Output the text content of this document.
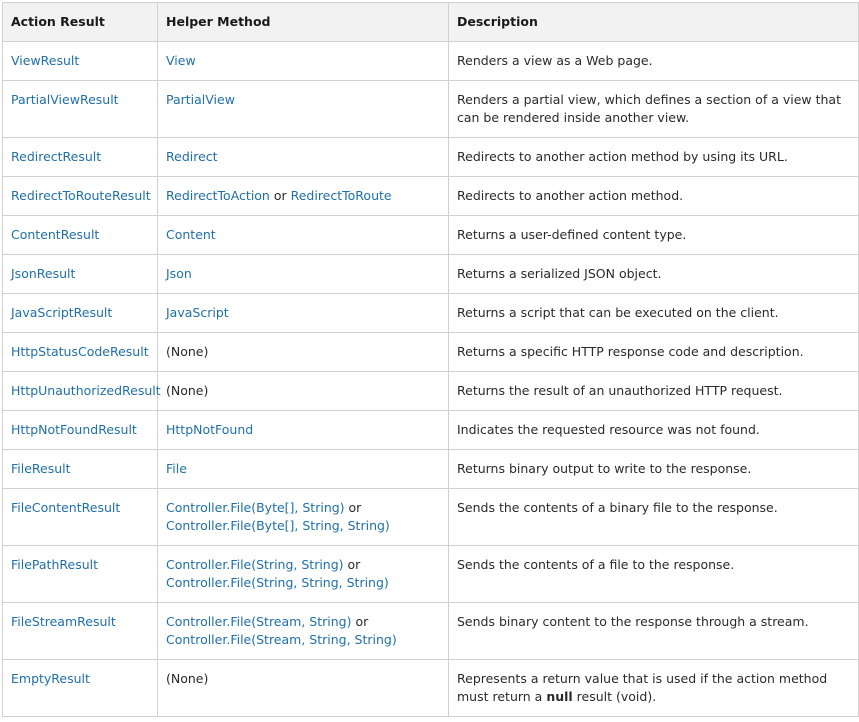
Action Result	Helper Method	Description
ViewResult	View	Renders a view as a Web page.
PartialViewResult	PartialView	Renders a partial view, which defines a section of a view that can be rendered inside another view.
RedirectResult	Redirect	Redirects to another action method by using its URL.
RedirectToRouteResult	RedirectToAction or RedirectToRoute	Redirects to another action method.
ContentResult	Content	Returns a user-defined content type.
JsonResult	Json	Returns a serialized JSON object.
JavaScriptResult	JavaScript	Returns a script that can be executed on the client.
HttpStatusCodeResult	(None)	Returns a specific HTTP response code and description.
HttpUnauthorizedResult	(None)	Returns the result of an unauthorized HTTP request.
HttpNotFoundResult	HttpNotFound	Indicates the requested resource was not found.
FileResult	File	Returns binary output to write to the response.
FileContentResult	Controller.File(Byte[], String) or Controller.File(Byte[], String, String)	Sends the contents of a binary file to the response.
FilePathResult	Controller.File(String, String) or Controller.File(String, String, String)	Sends the contents of a file to the response.
FileStreamResult	Controller.File(Stream, String) or Controller.File(Stream, String, String)	Sends binary content to the response through a stream.
EmptyResult	(None)	Represents a return value that is used if the action method must return a null result (void).
